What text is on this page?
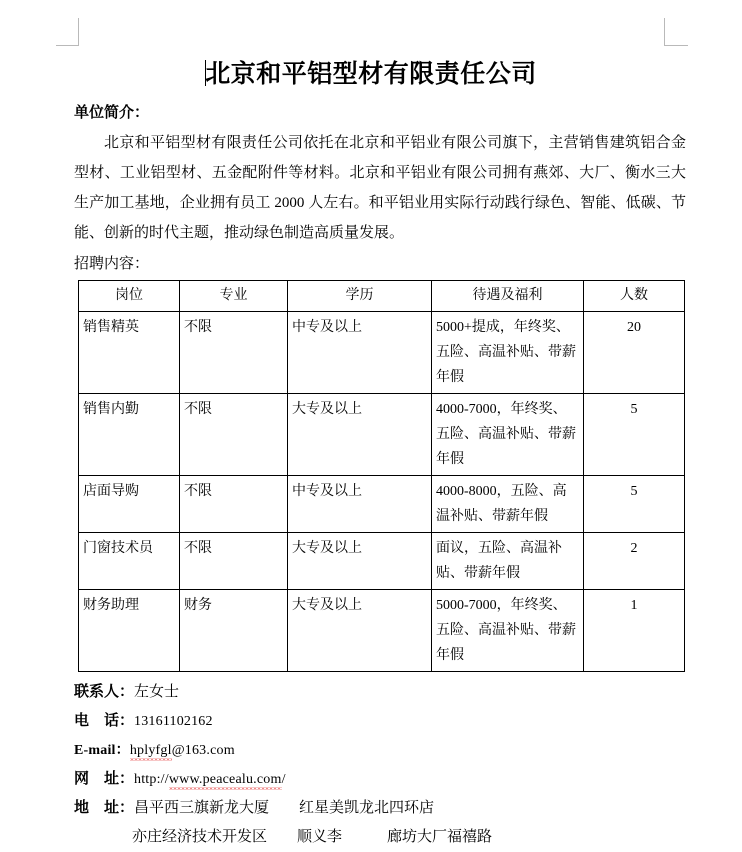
北京和平铝型材有限责任公司

单位简介：

北京和平铝型材有限责任公司依托在北京和平铝业有限公司旗下，主营销售建筑铝合金型材、工业铝型材、五金配附件等材料。北京和平铝业有限公司拥有燕郊、大厂、衡水三大生产加工基地，企业拥有员工 2000 人左右。和平铝业用实际行动践行绿色、智能、低碳、节能、创新的时代主题，推动绿色制造高质量发展。

招聘内容：

岗位	专业	学历	待遇及福利	人数
销售精英	不限	中专及以上	5000+提成，年终奖、五险、高温补贴、带薪年假	20
销售内勤	不限	大专及以上	4000-7000，年终奖、五险、高温补贴、带薪年假	5
店面导购	不限	中专及以上	4000-8000，五险、高温补贴、带薪年假	5
门窗技术员	不限	大专及以上	面议，五险、高温补贴、带薪年假	2
财务助理	财务	大专及以上	5000-7000，年终奖、五险、高温补贴、带薪年假	1
联系人：左女士
电　话：13161102162
E-mail：hplyfgl@163.com
网　址：http://www.peacealu.com/
地　址：昌平西三旗新龙大厦　　红星美凯龙北四环店
亦庄经济技术开发区　　顺义李　　　廊坊大厂福禧路
